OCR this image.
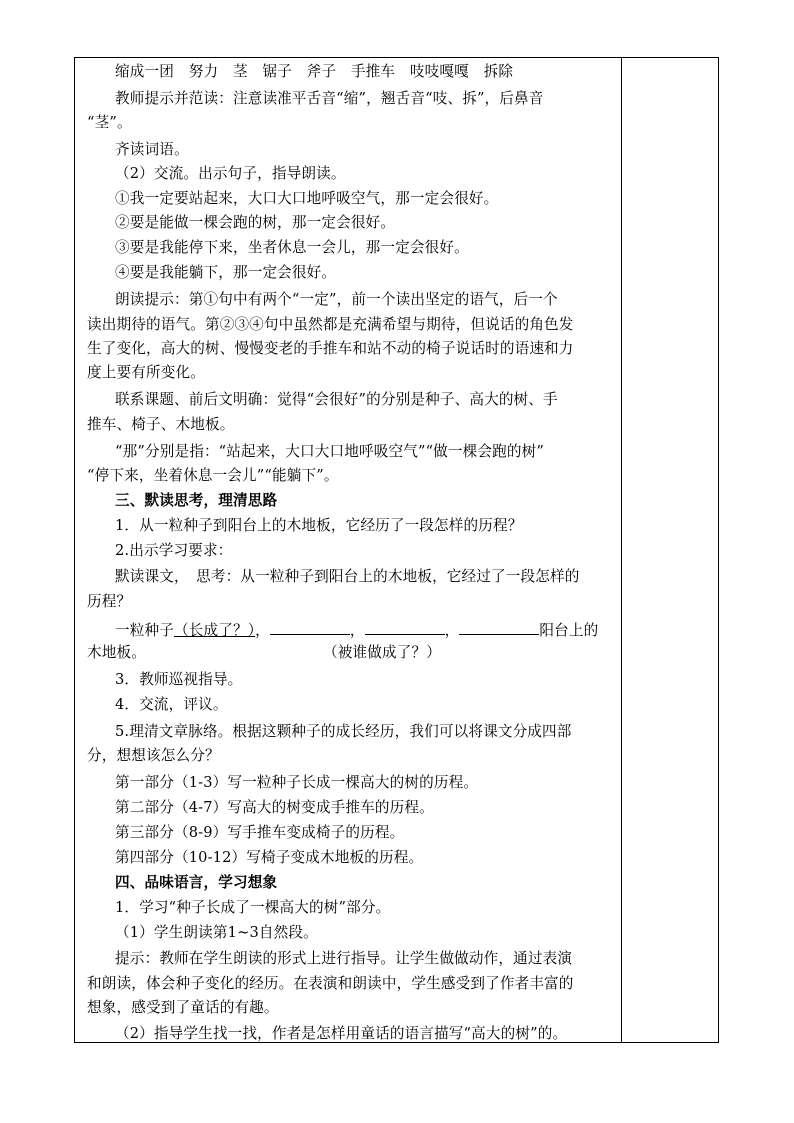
缩成一团　努力　茎　锯子　斧子　手推车　吱吱嘎嘎　拆除
教师提示并范读：注意读准平舌音“缩”，翘舌音“吱、拆”，后鼻音
“茎”。
齐读词语。
（2）交流。出示句子，指导朗读。
①我一定要站起来，大口大口地呼吸空气，那一定会很好。
②要是能做一棵会跑的树，那一定会很好。
③要是我能停下来，坐者休息一会儿，那一定会很好。
④要是我能躺下，那一定会很好。
朗读提示：第①句中有两个“一定”，前一个读出坚定的语气，后一个
读出期待的语气。第②③④句中虽然都是充满希望与期待，但说话的角色发
生了变化，高大的树、慢慢变老的手推车和站不动的椅子说话时的语速和力
度上要有所变化。
联系课题、前后文明确：觉得“会很好”的分别是种子、高大的树、手
推车、椅子、木地板。
“那”分别是指：“站起来，大口大口地呼吸空气”“做一棵会跑的树”
“停下来，坐着休息一会儿”“能躺下”。
三、默读思考，理清思路
1．从一粒种子到阳台上的木地板，它经历了一段怎样的历程？
2.出示学习要求：
默读课文，　思考：从一粒种子到阳台上的木地板，它经过了一段怎样的
历程？
一粒种子（长成了？），	，	，	阳台上的
木地板。	（被谁做成了？）
3．教师巡视指导。
4．交流，评议。
5.理清文章脉络。根据这颗种子的成长经历，我们可以将课文分成四部
分，想想该怎么分？
第一部分（1-3）写一粒种子长成一棵高大的树的历程。
第二部分（4-7）写高大的树变成手推车的历程。
第三部分（8-9）写手推车变成椅子的历程。
第四部分（10-12）写椅子变成木地板的历程。
四、品味语言，学习想象
1．学习“种子长成了一棵高大的树”部分。
（1）学生朗读第1~3自然段。
提示：教师在学生朗读的形式上进行指导。让学生做做动作，通过表演
和朗读，体会种子变化的经历。在表演和朗读中，学生感受到了作者丰富的
想象，感受到了童话的有趣。
（2）指导学生找一找，作者是怎样用童话的语言描写“高大的树”的。
